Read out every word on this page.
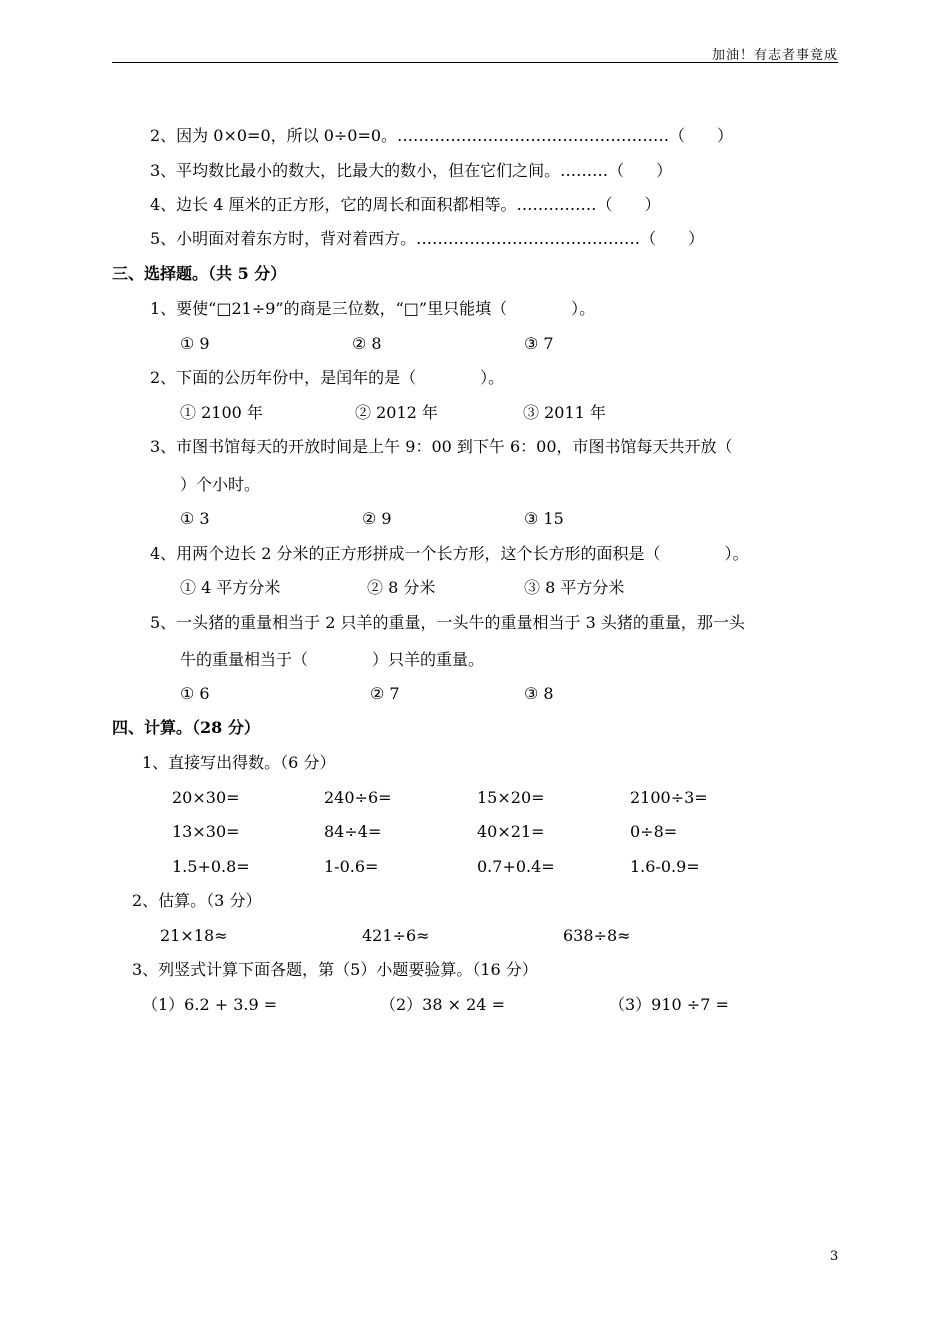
加油！有志者事竟成
2、因为 0×0=0，所以 0÷0=0。……………………………………………（　　）
3、平均数比最小的数大，比最大的数小，但在它们之间。………（　　）
4、边长 4 厘米的正方形，它的周长和面积都相等。……………（　　）
5、小明面对着东方时，背对着西方。……………………………………（　　）
三、选择题。（共 5 分）
1、要使“□21÷9”的商是三位数，“□”里只能填（　　　　）。
① 9	② 8	③ 7
2、下面的公历年份中，是闰年的是（　　　　）。
① 2100 年	② 2012 年	③ 2011 年
3、市图书馆每天的开放时间是上午 9：00 到下午 6：00，市图书馆每天共开放（
）个小时。
① 3	② 9	③ 15
4、用两个边长 2 分米的正方形拼成一个长方形，这个长方形的面积是（　　　　）。
① 4 平方分米	② 8 分米	③ 8 平方分米
5、一头猪的重量相当于 2 只羊的重量，一头牛的重量相当于 3 头猪的重量，那一头
牛的重量相当于（　　　　）只羊的重量。
① 6	② 7	③ 8
四、计算。（28 分）
1、直接写出得数。（6 分）
20×30=	240÷6=	15×20=	2100÷3=
13×30=	84÷4=	40×21=	0÷8=
1.5+0.8=	1-0.6=	0.7+0.4=	1.6-0.9=
2、估算。（3 分）
21×18≈	421÷6≈	638÷8≈
3、列竖式计算下面各题，第（5）小题要验算。（16 分）
（1）6.2 + 3.9 =	（2）38 × 24 =	（3）910 ÷7 =
3
